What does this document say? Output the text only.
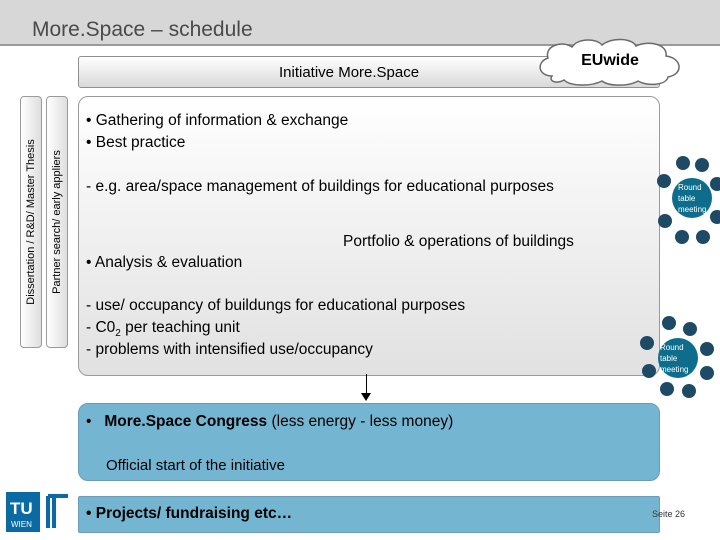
More.Space – schedule
Dissertation / R&D/ Master Thesis Partner search/ early appliers
Initiative More.Space
EUwide
• Gathering of information & exchange
• Best practice
- e.g. area/space management of buildings for educational purposes
Portfolio & operations of buildings
• Analysis & evaluation
- use/ occupancy of buildungs for educational purposes
- $C0_2$ per teaching unit
- problems with intensified use/occupancy
• More.Space Congress (less energy - less money)
Official start of the initiative
• Projects/ fundraising etc…
Round table meeting
Round table meeting
TU
WIEN
Seite 26
